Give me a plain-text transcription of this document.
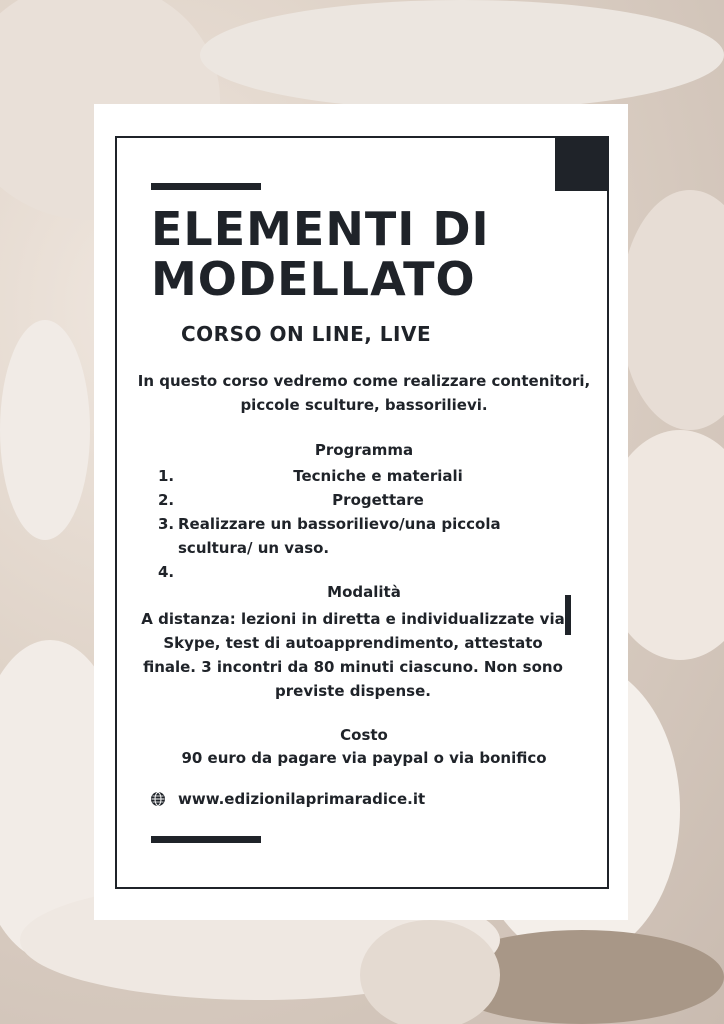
ELEMENTI DI
MODELLATO
CORSO ON LINE, LIVE
In questo corso vedremo come realizzare contenitori, piccole sculture, bassorilievi.
Programma
1.	Tecniche e materiali
2.	Progettare
3. Realizzare un bassorilievo/una piccola scultura/ un vaso.
4.

Modalità
A distanza: lezioni in diretta e individualizzate via Skype, test di autoapprendimento, attestato finale. 3 incontri da 80 minuti ciascuno. Non sono previste dispense.
Costo
90 euro da pagare via paypal o via bonifico
www.edizionilaprimaradice.it
